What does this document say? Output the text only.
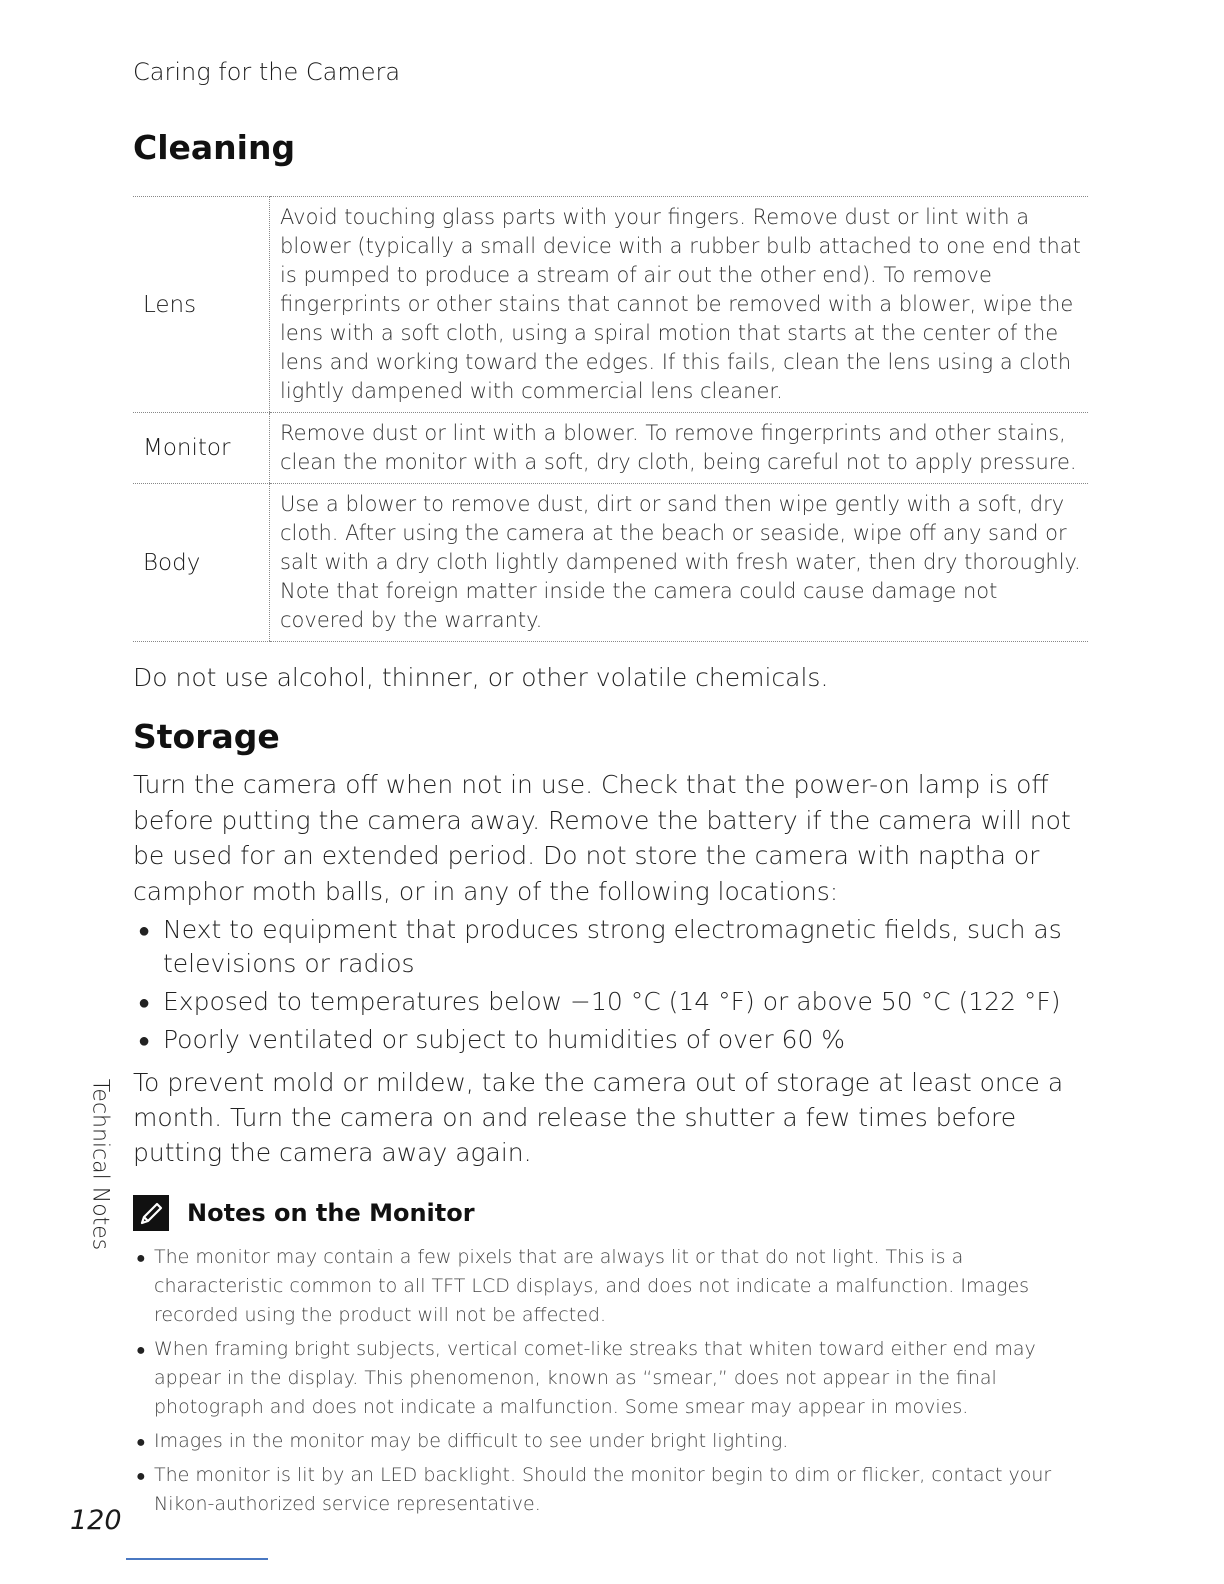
Caring for the Camera
Cleaning
Lens	Avoid touching glass parts with your fingers. Remove dust or lint with a blower (typically a small device with a rubber bulb attached to one end that is pumped to produce a stream of air out the other end). To remove fingerprints or other stains that cannot be removed with a blower, wipe the lens with a soft cloth, using a spiral motion that starts at the center of the lens and working toward the edges. If this fails, clean the lens using a cloth lightly dampened with commercial lens cleaner.
Monitor	Remove dust or lint with a blower. To remove fingerprints and other stains, clean the monitor with a soft, dry cloth, being careful not to apply pressure.
Body	Use a blower to remove dust, dirt or sand then wipe gently with a soft, dry cloth. After using the camera at the beach or seaside, wipe off any sand or salt with a dry cloth lightly dampened with fresh water, then dry thoroughly. Note that foreign matter inside the camera could cause damage not covered by the warranty.
Do not use alcohol, thinner, or other volatile chemicals.
Storage
Turn the camera off when not in use. Check that the power-on lamp is off before putting the camera away. Remove the battery if the camera will not be used for an extended period. Do not store the camera with naptha or camphor moth balls, or in any of the following locations:
● Next to equipment that produces strong electromagnetic fields, such as televisions or radios
● Exposed to temperatures below −10 °C (14 °F) or above 50 °C (122 °F)
● Poorly ventilated or subject to humidities of over 60 %
To prevent mold or mildew, take the camera out of storage at least once a month. Turn the camera on and release the shutter a few times before putting the camera away again.
Notes on the Monitor
● The monitor may contain a few pixels that are always lit or that do not light. This is a characteristic common to all TFT LCD displays, and does not indicate a malfunction. Images recorded using the product will not be affected.
● When framing bright subjects, vertical comet-like streaks that whiten toward either end may appear in the display. This phenomenon, known as “smear,” does not appear in the final photograph and does not indicate a malfunction. Some smear may appear in movies.
● Images in the monitor may be difficult to see under bright lighting.
● The monitor is lit by an LED backlight. Should the monitor begin to dim or flicker, contact your Nikon-authorized service representative.
Technical Notes
120
